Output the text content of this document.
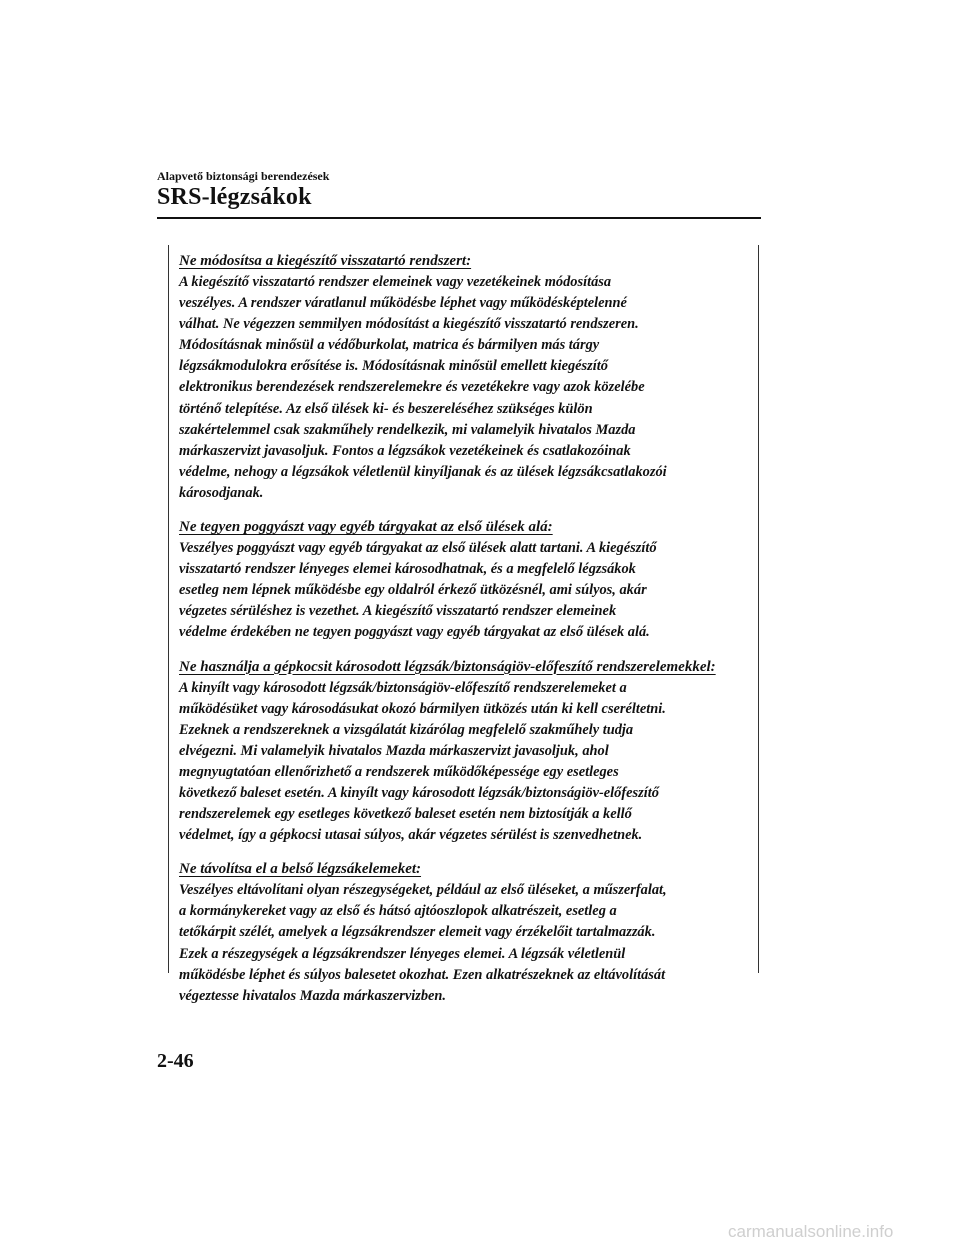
Alapvető biztonsági berendezések
SRS-légzsákok
Ne módosítsa a kiegészítő visszatartó rendszert:

A kiegészítő visszatartó rendszer elemeinek vagy vezetékeinek módosítása

veszélyes. A rendszer váratlanul működésbe léphet vagy működésképtelenné

válhat. Ne végezzen semmilyen módosítást a kiegészítő visszatartó rendszeren.

Módosításnak minősül a védőburkolat, matrica és bármilyen más tárgy

légzsákmodulokra erősítése is. Módosításnak minősül emellett kiegészítő

elektronikus berendezések rendszerelemekre és vezetékekre vagy azok közelébe

történő telepítése. Az első ülések ki- és beszereléséhez szükséges külön

szakértelemmel csak szakműhely rendelkezik, mi valamelyik hivatalos Mazda

márkaszervizt javasoljuk. Fontos a légzsákok vezetékeinek és csatlakozóinak

védelme, nehogy a légzsákok véletlenül kinyíljanak és az ülések légzsákcsatlakozói

károsodjanak.

Ne tegyen poggyászt vagy egyéb tárgyakat az első ülések alá:

Veszélyes poggyászt vagy egyéb tárgyakat az első ülések alatt tartani. A kiegészítő

visszatartó rendszer lényeges elemei károsodhatnak, és a megfelelő légzsákok

esetleg nem lépnek működésbe egy oldalról érkező ütközésnél, ami súlyos, akár

végzetes sérüléshez is vezethet. A kiegészítő visszatartó rendszer elemeinek

védelme érdekében ne tegyen poggyászt vagy egyéb tárgyakat az első ülések alá.

Ne használja a gépkocsit károsodott légzsák/biztonságiöv-előfeszítő rendszerelemekkel:

A kinyílt vagy károsodott légzsák/biztonságiöv-előfeszítő rendszerelemeket a

működésüket vagy károsodásukat okozó bármilyen ütközés után ki kell cseréltetni.

Ezeknek a rendszereknek a vizsgálatát kizárólag megfelelő szakműhely tudja

elvégezni. Mi valamelyik hivatalos Mazda márkaszervizt javasoljuk, ahol

megnyugtatóan ellenőrizhető a rendszerek működőképessége egy esetleges

következő baleset esetén. A kinyílt vagy károsodott légzsák/biztonságiöv-előfeszítő

rendszerelemek egy esetleges következő baleset esetén nem biztosítják a kellő

védelmet, így a gépkocsi utasai súlyos, akár végzetes sérülést is szenvedhetnek.

Ne távolítsa el a belső légzsákelemeket:

Veszélyes eltávolítani olyan részegységeket, például az első üléseket, a műszerfalat,

a kormánykereket vagy az első és hátsó ajtóoszlopok alkatrészeit, esetleg a

tetőkárpit szélét, amelyek a légzsákrendszer elemeit vagy érzékelőit tartalmazzák.

Ezek a részegységek a légzsákrendszer lényeges elemei. A légzsák véletlenül

működésbe léphet és súlyos balesetet okozhat. Ezen alkatrészeknek az eltávolítását

végeztesse hivatalos Mazda márkaszervizben.

2-46
carmanualsonline.info
